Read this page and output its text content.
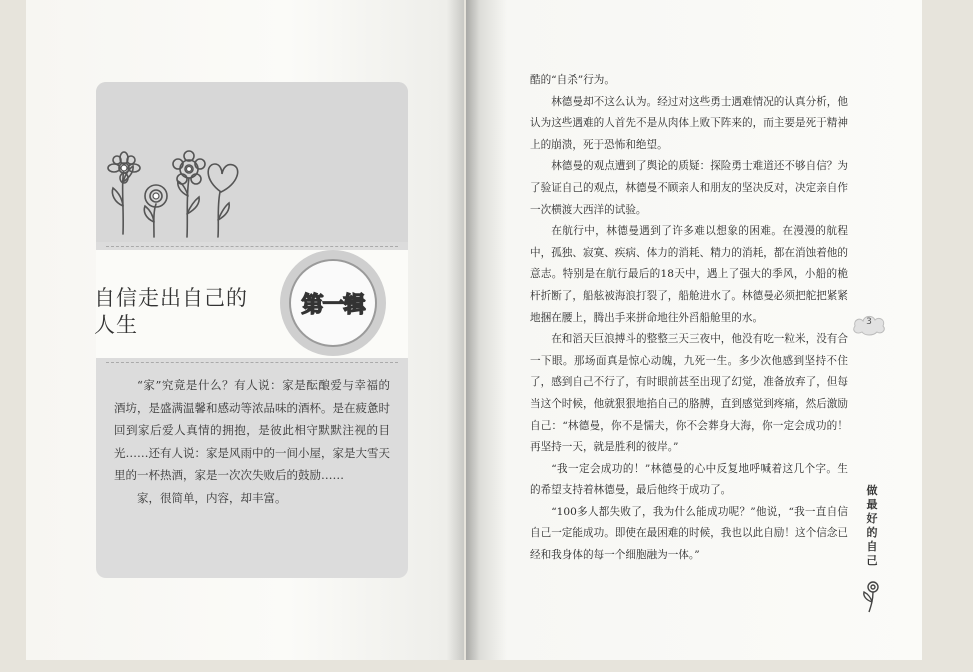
自信走出自己的
人生
第一辑

“家”究竟是什么？有人说：家是酝酿爱与幸福的酒坊，是盛满温馨和感动等浓品味的酒杯。是在疲惫时回到家后爱人真情的拥抱，是彼此相守默默注视的目光……还有人说：家是风雨中的一间小屋，家是大雪天里的一杯热酒，家是一次次失败后的鼓励……

家，很简单，内容，却丰富。

酷的“自杀”行为。

林德曼却不这么认为。经过对这些勇士遇难情况的认真分析，他认为这些遇难的人首先不是从肉体上败下阵来的，而主要是死于精神上的崩溃，死于恐怖和绝望。

林德曼的观点遭到了舆论的质疑：探险勇士难道还不够自信？为了验证自己的观点，林德曼不顾亲人和朋友的坚决反对，决定亲自作一次横渡大西洋的试验。

在航行中，林德曼遇到了许多难以想象的困难。在漫漫的航程中，孤独、寂寞、疾病、体力的消耗、精力的消耗，都在消蚀着他的意志。特别是在航行最后的18天中，遇上了强大的季风，小船的桅杆折断了，船舷被海浪打裂了，船舱进水了。林德曼必须把舵把紧紧地捆在腰上，腾出手来拼命地往外舀船舱里的水。

在和滔天巨浪搏斗的整整三天三夜中，他没有吃一粒米，没有合一下眼。那场面真是惊心动魄，九死一生。多少次他感到坚持不住了，感到自己不行了，有时眼前甚至出现了幻觉，准备放弃了，但每当这个时候，他就狠狠地掐自己的胳膊，直到感觉到疼痛，然后激励自己：“林德曼，你不是懦夫，你不会葬身大海，你一定会成功的！再坚持一天，就是胜利的彼岸。”

“我一定会成功的！”林德曼的心中反复地呼喊着这几个字。生的希望支持着林德曼，最后他终于成功了。

“100多人都失败了，我为什么能成功呢？”他说，“我一直自信自己一定能成功。即使在最困难的时候，我也以此自励！这个信念已经和我身体的每一个细胞融为一体。”

3
做最好的自己
